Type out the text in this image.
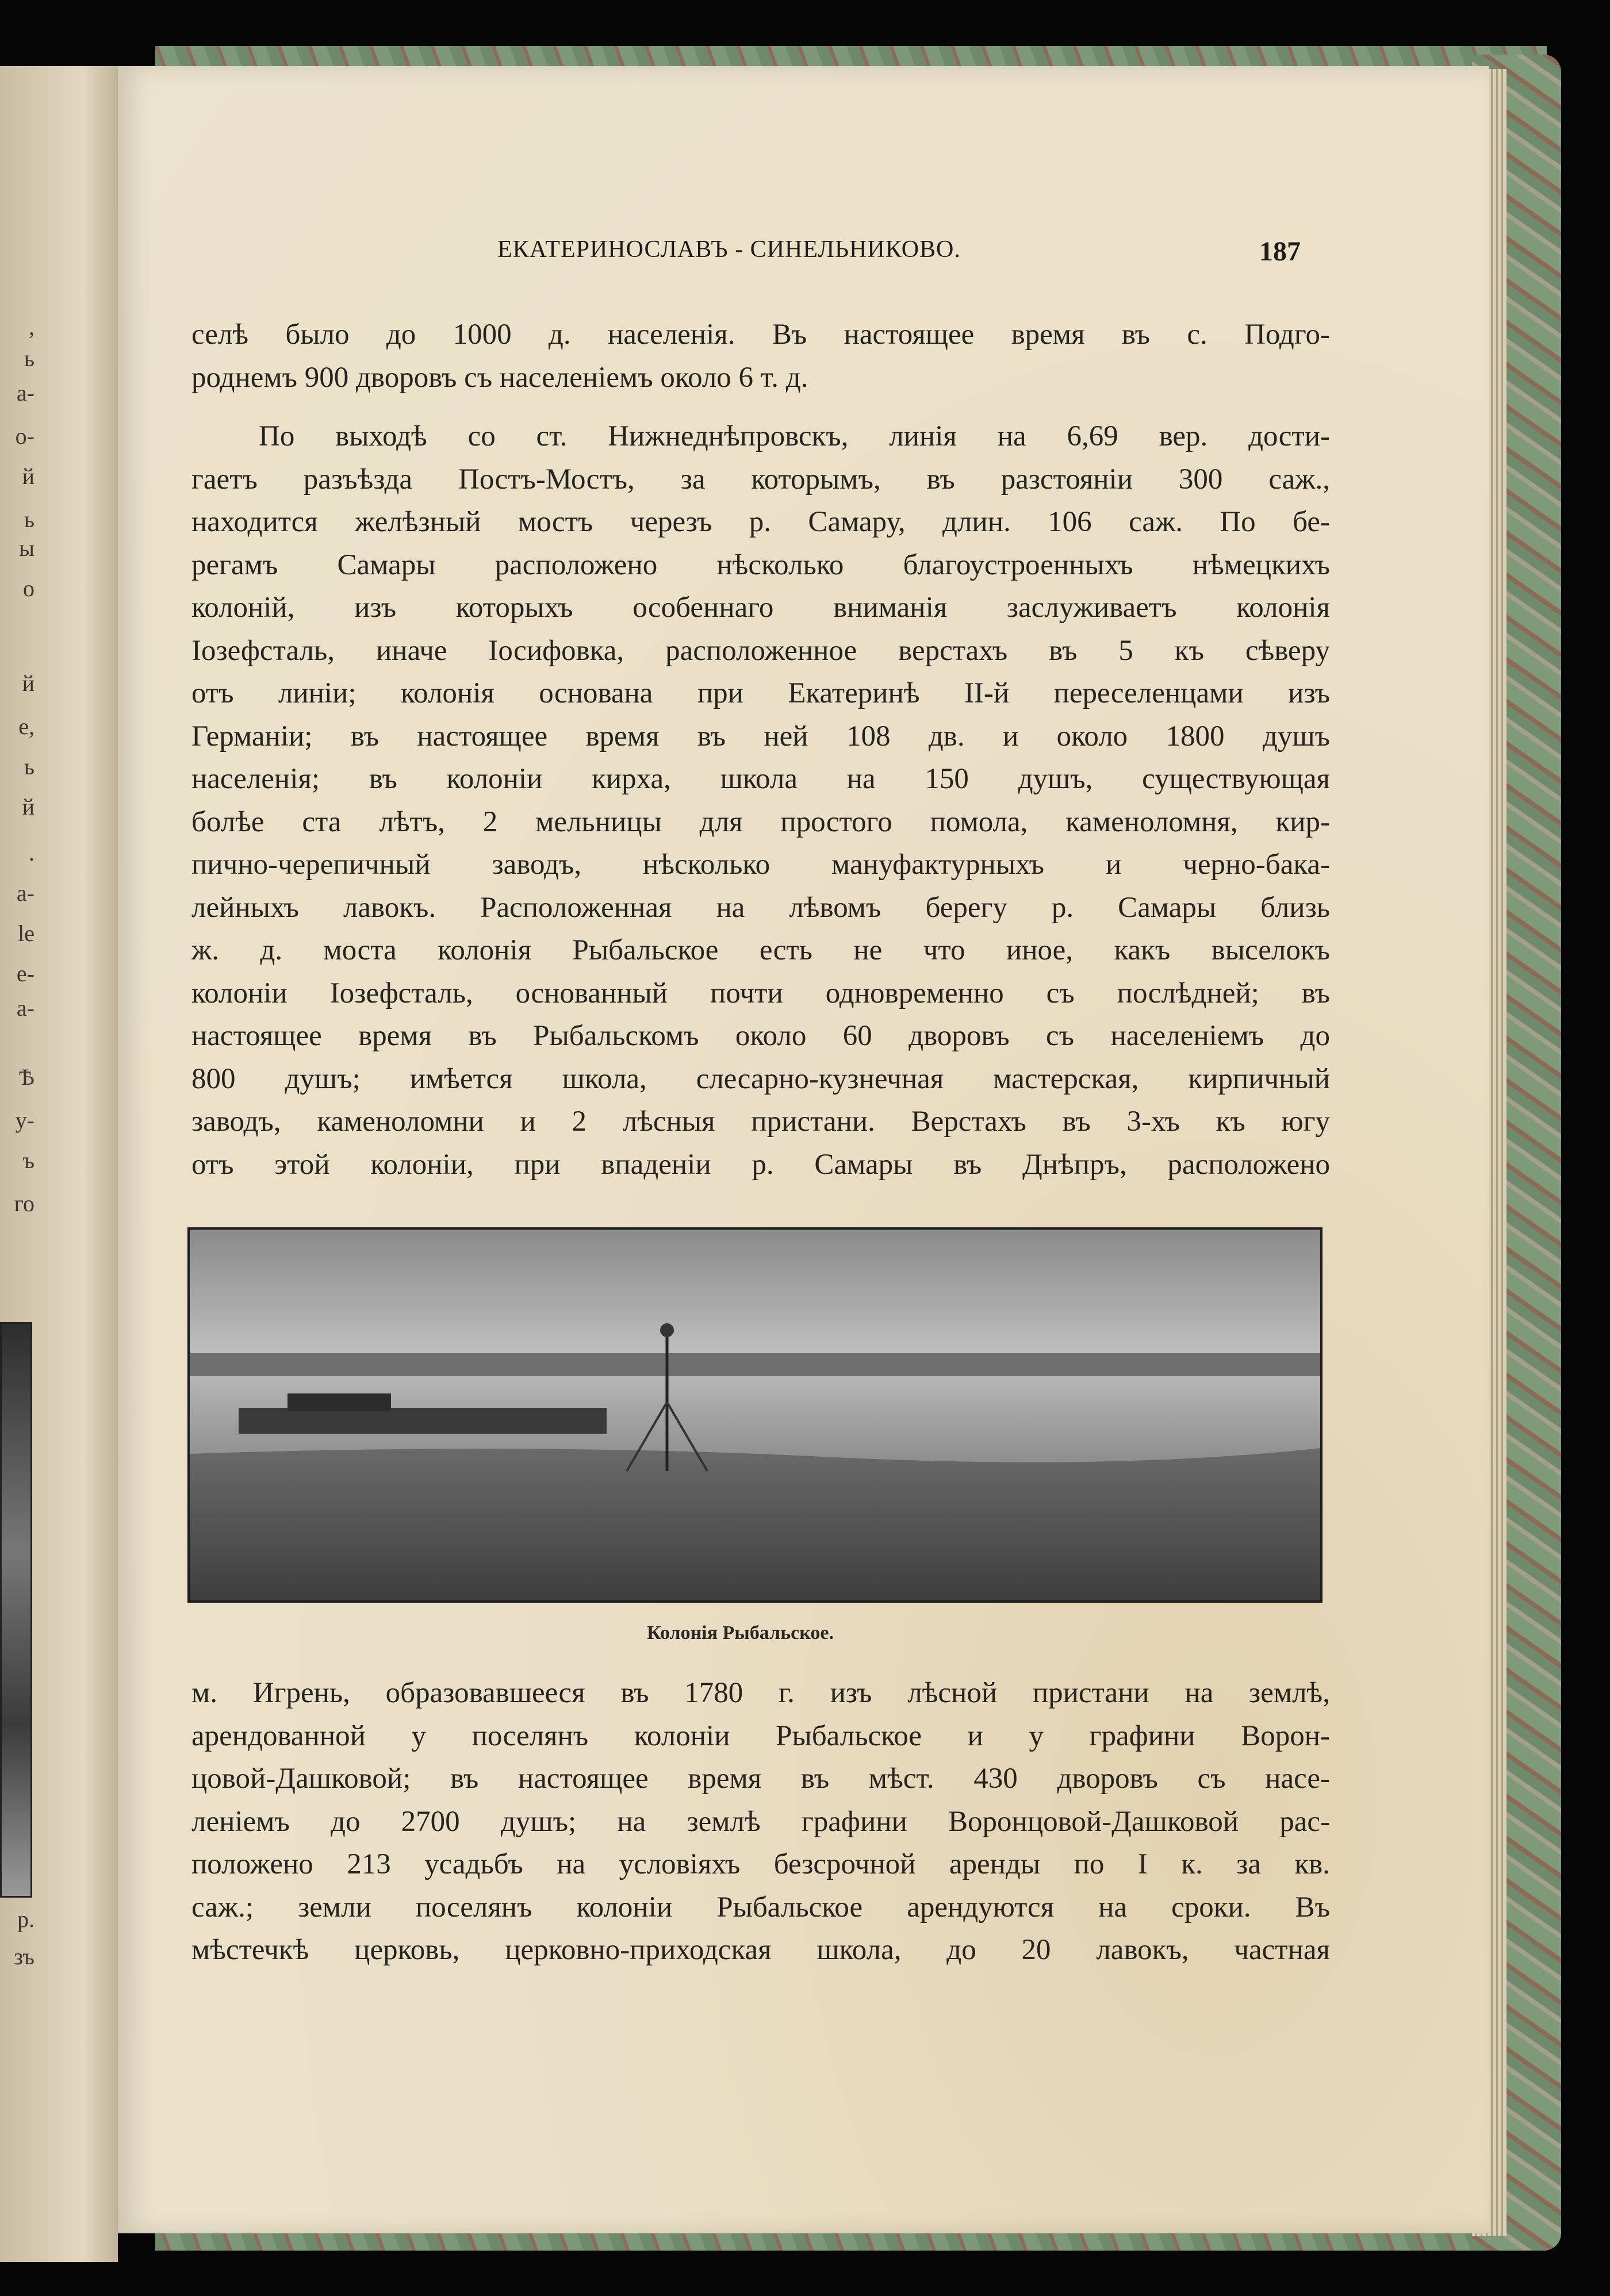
,
ь
а-
о-
й
ь
ы
о
й
е,
ь
й
.
а-
le
е-
а-
Ѣ
у-
ъ
го
р.
зъ
ЕКАТЕРИНОСЛАВЪ - СИНЕЛЬНИКОВО.	187
селѣ было до 1000 д. населенія. Въ настоящее время въ с. Подго-
роднемъ 900 дворовъ съ населеніемъ около 6 т. д.
По выходѣ со ст. Нижнеднѣпровскъ, линія на 6,69 вер. дости-
гаетъ разъѣзда Постъ-Мостъ, за которымъ, въ разстояніи 300 саж.,
находится желѣзный мостъ черезъ р. Самару, длин. 106 саж. По бе-
регамъ Самары расположено нѣсколько благоустроенныхъ нѣмецкихъ
колоній, изъ которыхъ особеннаго вниманія заслуживаетъ колонія
Іозефсталь, иначе Іосифовка, расположенное верстахъ въ 5 къ сѣверу
отъ линіи; колонія основана при Екатеринѣ II-й переселенцами изъ
Германіи; въ настоящее время въ ней 108 дв. и около 1800 душъ
населенія; въ колоніи кирха, школа на 150 душъ, существующая
болѣе ста лѣтъ, 2 мельницы для простого помола, каменоломня, кир-
пично-черепичный заводъ, нѣсколько мануфактурныхъ и черно-бака-
лейныхъ лавокъ. Расположенная на лѣвомъ берегу р. Самары близь
ж. д. моста колонія Рыбальское есть не что иное, какъ выселокъ
колоніи Іозефсталь, основанный почти одновременно съ послѣдней; въ
настоящее время въ Рыбальскомъ около 60 дворовъ съ населеніемъ до
800 душъ; имѣется школа, слесарно-кузнечная мастерская, кирпичный
заводъ, каменоломни и 2 лѣсныя пристани. Верстахъ въ 3-хъ къ югу
отъ этой колоніи, при впаденіи р. Самары въ Днѣпръ, расположено
Колонія Рыбальское.
м. Игрень, образовавшееся въ 1780 г. изъ лѣсной пристани на землѣ,
арендованной у поселянъ колоніи Рыбальское и у графини Ворон-
цовой-Дашковой; въ настоящее время въ мѣст. 430 дворовъ съ насе-
леніемъ до 2700 душъ; на землѣ графини Воронцовой-Дашковой рас-
положено 213 усадьбъ на условіяхъ безсрочной аренды по I к. за кв.
саж.; земли поселянъ колоніи Рыбальское арендуются на сроки. Въ
мѣстечкѣ церковь, церковно-приходская школа, до 20 лавокъ, частная
